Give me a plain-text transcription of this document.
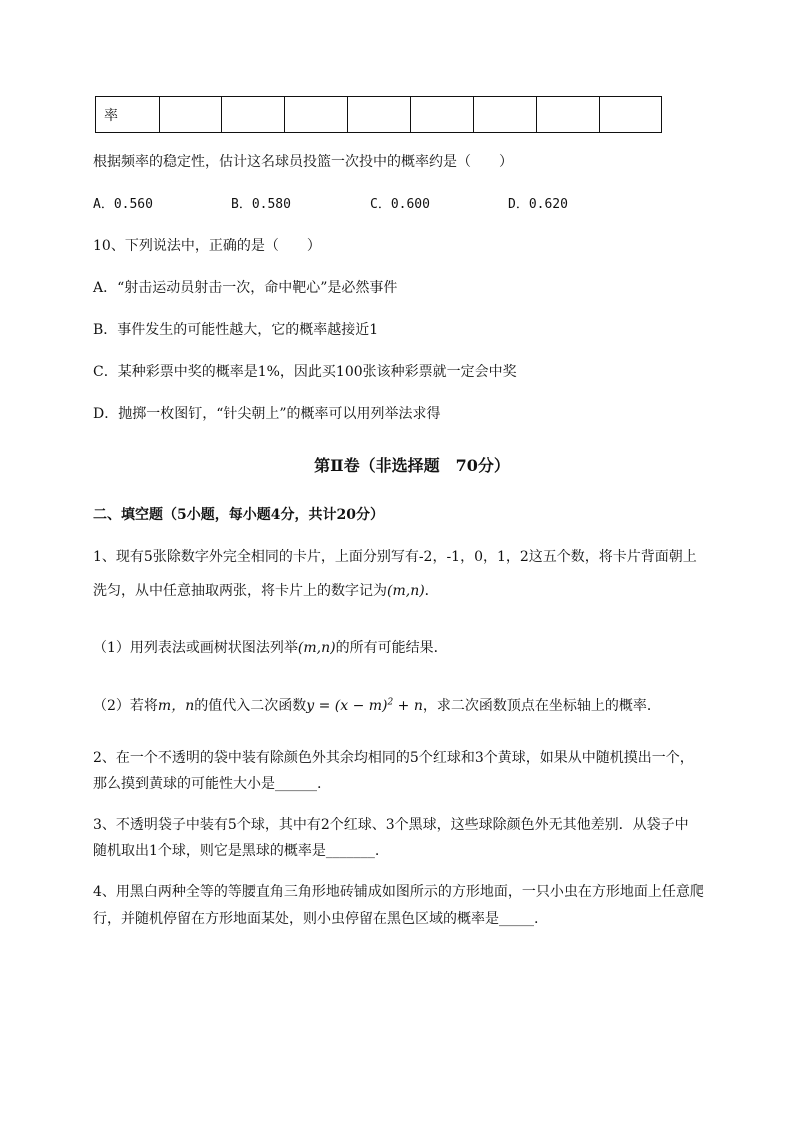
率								
根据频率的稳定性，估计这名球员投篮一次投中的概率约是（　　）
A．0.560	B．0.580	C．0.600	D．0.620
10、下列说法中，正确的是（　　）
A．“射击运动员射击一次，命中靶心”是必然事件
B．事件发生的可能性越大，它的概率越接近1
C．某种彩票中奖的概率是1%，因此买100张该种彩票就一定会中奖
D．抛掷一枚图钉，“针尖朝上”的概率可以用列举法求得
第Ⅱ卷（非选择题　70分）
二、填空题（5小题，每小题4分，共计20分）
1、现有5张除数字外完全相同的卡片，上面分别写有-2，-1，0，1，2这五个数，将卡片背面朝上
洗匀，从中任意抽取两张，将卡片上的数字记为(m,n)．
（1）用列表法或画树状图法列举(m,n)的所有可能结果．
（2）若将m，n的值代入二次函数$y = (x - m)^2 + n$，求二次函数顶点在坐标轴上的概率．
2、在一个不透明的袋中装有除颜色外其余均相同的5个红球和3个黄球，如果从中随机摸出一个，
那么摸到黄球的可能性大小是______.
3、不透明袋子中装有5个球，其中有2个红球、3个黑球，这些球除颜色外无其他差别．从袋子中
随机取出1个球，则它是黑球的概率是_______.
4、用黑白两种全等的等腰直角三角形地砖铺成如图所示的方形地面，一只小虫在方形地面上任意爬
行，并随机停留在方形地面某处，则小虫停留在黑色区域的概率是_____.
